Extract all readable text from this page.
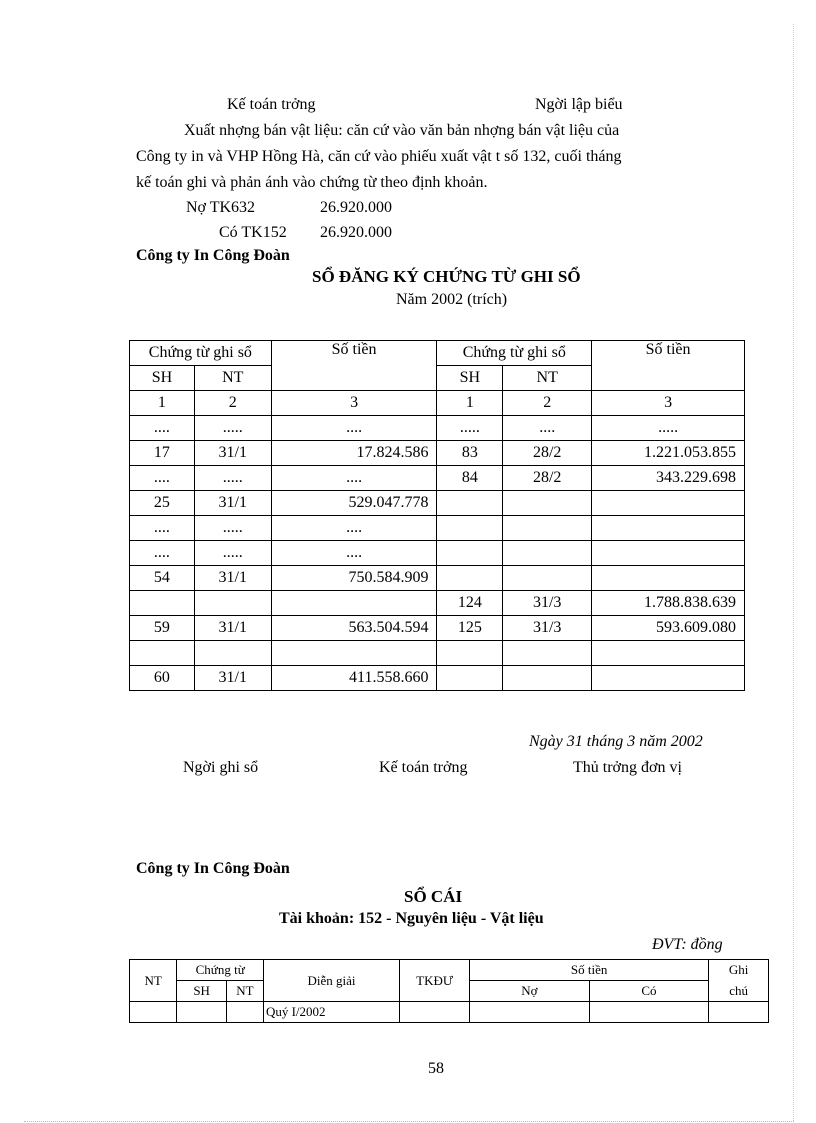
Kế toán trởng	Ngời lập biểu
Xuất nhợng bán vật liệu: căn cứ vào văn bản nhợng bán vật liệu của
Công ty in và VHP Hồng Hà, căn cứ vào phiếu xuất vật t số 132, cuối tháng
kế toán ghi và phản ánh vào chứng từ theo định khoản.
Nợ TK632	26.920.000
Có TK152 26.920.000
Công ty In Công Đoàn
SỔ ĐĂNG KÝ CHỨNG TỪ GHI SỔ
Năm 2002 (trích)
Chứng từ ghi sổ		Số tiền	Chứng từ ghi sổ		Số tiền
SH	NT		SH	NT	
1	2	3	1	2	3
....	.....	....	.....	....	.....
17	31/1	17.824.586	83	28/2	1.221.053.855
....	.....	....	84	28/2	343.229.698
25	31/1	529.047.778			
....	.....	....			
....	.....	....			
54	31/1	750.584.909			
			124	31/3	1.788.838.639
59	31/1	563.504.594	125	31/3	593.609.080

60	31/1	411.558.660			
Ngày 31 tháng 3 năm 2002
Ngời ghi sổ	Kế toán trởng	Thủ trởng đơn vị
Công ty In Công Đoàn
SỔ CÁI
Tài khoản: 152 - Nguyên liệu - Vật liệu
ĐVT: đồng
NT	Chứng từ		Diễn giải	TKĐƯ	Số tiền		Ghi
	SH	NT			Nợ	Có	chú
			Quý I/2002				
58
